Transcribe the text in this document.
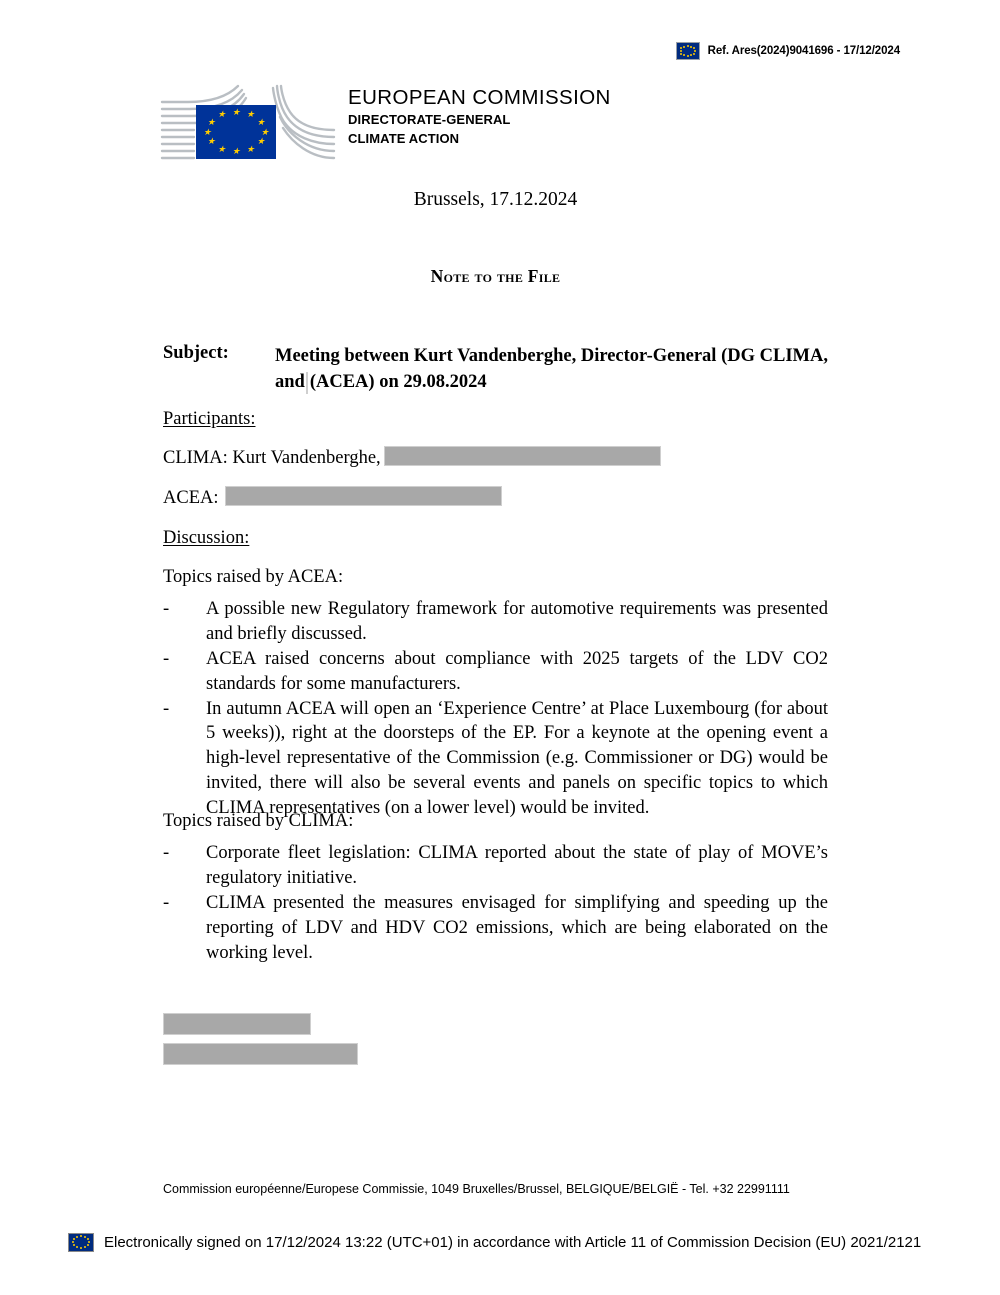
Ref. Ares(2024)9041696 - 17/12/2024
★
★
★
★
★
★
★
★
★
★
★
★
EUROPEAN COMMISSION
DIRECTORATE-GENERAL
CLIMATE ACTION
Brussels, 17.12.2024
Note to the File
Subject:	Meeting between Kurt Vandenberghe, Director-General (DG CLIMA, and (ACEA) on 29.08.2024
Participants:
CLIMA: Kurt Vandenberghe,
ACEA:
Discussion:
Topics raised by ACEA:
-	A possible new Regulatory framework for automotive requirements was presented and briefly discussed.
-	ACEA raised concerns about compliance with 2025 targets of the LDV CO2 standards for some manufacturers.
-	In autumn ACEA will open an ‘Experience Centre’ at Place Luxembourg (for about 5 weeks)), right at the doorsteps of the EP. For a keynote at the opening event a high-level representative of the Commission (e.g. Commissioner or DG) would be invited, there will also be several events and panels on specific topics to which CLIMA representatives (on a lower level) would be invited.
Topics raised by CLIMA:
-	Corporate fleet legislation: CLIMA reported about the state of play of MOVE’s regulatory initiative.
-	CLIMA presented the measures envisaged for simplifying and speeding up the reporting of LDV and HDV CO2 emissions, which are being elaborated on the working level.
Commission européenne/Europese Commissie, 1049 Bruxelles/Brussel, BELGIQUE/BELGIË - Tel. +32 22991111
Electronically signed on 17/12/2024 13:22 (UTC+01) in accordance with Article 11 of Commission Decision (EU) 2021/2121
